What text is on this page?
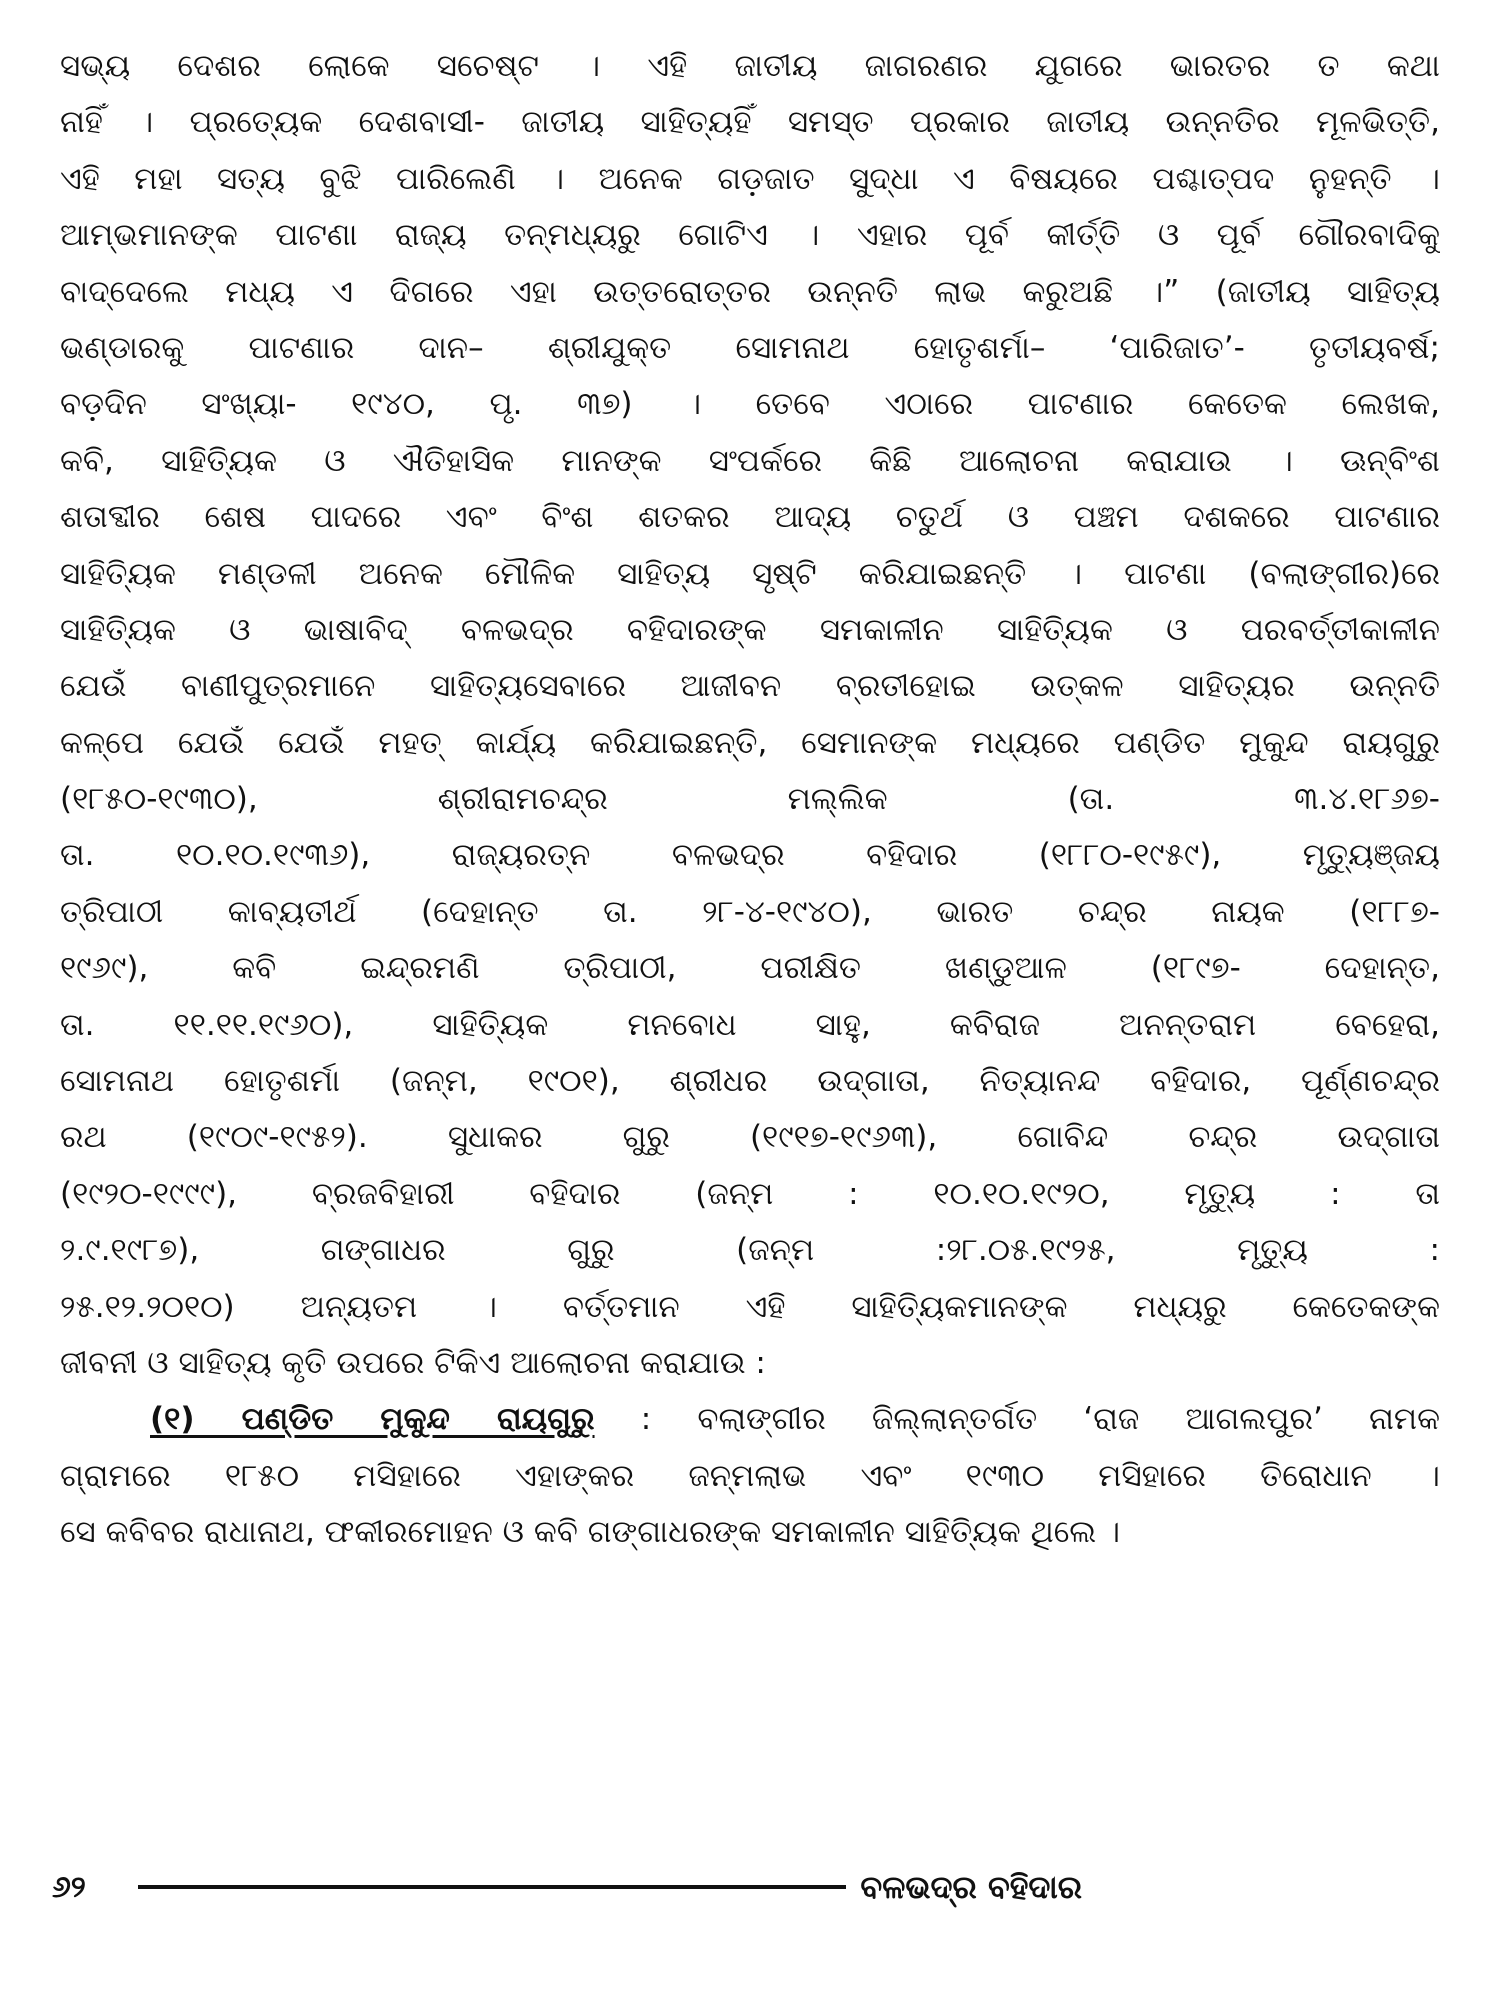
ସଭ୍ୟ ଦେଶର ଲୋକେ ସଚେଷ୍ଟ । ଏହି ଜାତୀୟ ଜାଗରଣର ଯୁଗରେ ଭାରତର ତ କଥା
ନାହିଁ । ପ୍ରତ୍ୟେକ ଦେଶବାସୀ- ଜାତୀୟ ସାହିତ୍ୟହିଁ ସମସ୍ତ ପ୍ରକାର ଜାତୀୟ ଉନ୍ନତିର ମୂଳଭିତ୍ତି,
ଏହି ମହା ସତ୍ୟ ବୁଝି ପାରିଲେଣି । ଅନେକ ଗଡ଼ଜାତ ସୁଦ୍ଧା ଏ ବିଷୟରେ ପଶ୍ଚାତ୍ପଦ ନୁହନ୍ତି ।
ଆମ୍ଭମାନଙ୍କ ପାଟଣା ରାଜ୍ୟ ତନ୍ମଧ୍ୟରୁ ଗୋଟିଏ । ଏହାର ପୂର୍ବ କୀର୍ତ୍ତି ଓ ପୂର୍ବ ଗୌରବାଦିକୁ
ବାଦ୍‌ଦେଲେ ମଧ୍ୟ ଏ ଦିଗରେ ଏହା ଉତ୍ତରୋତ୍ତର ଉନ୍ନତି ଲାଭ କରୁଅଛି ।” (ଜାତୀୟ ସାହିତ୍ୟ
ଭଣ୍ଡାରକୁ ପାଟଣାର ଦାନ– ଶ୍ରୀଯୁକ୍ତ ସୋମନାଥ ହୋତୃଶର୍ମା– ‘ପାରିଜାତ’- ତୃତୀୟବର୍ଷ;
ବଡ଼ଦିନ ସଂଖ୍ୟା- ୧୯୪୦, ପୃ. ୩୭) । ତେବେ ଏଠାରେ ପାଟଣାର କେତେକ ଲେଖକ,
କବି, ସାହିତ୍ୟିକ ଓ ଐତିହାସିକ ମାନଙ୍କ ସଂପର୍କରେ କିଛି ଆଲୋଚନା କରାଯାଉ । ଊନ୍ବିଂଶ
ଶତାବ୍ଦୀର ଶେଷ ପାଦରେ ଏବଂ ବିଂଶ ଶତକର ଆଦ୍ୟ ଚତୁର୍ଥ ଓ ପଞ୍ଚମ ଦଶକରେ ପାଟଣାର
ସାହିତ୍ୟିକ ମଣ୍ଡଳୀ ଅନେକ ମୌଳିକ ସାହିତ୍ୟ ସୃଷ୍ଟି କରିଯାଇଛନ୍ତି । ପାଟଣା (ବଲାଙ୍ଗୀର)ରେ
ସାହିତ୍ୟିକ ଓ ଭାଷାବିଦ୍ ବଳଭଦ୍ର ବହିଦାରଙ୍କ ସମକାଳୀନ ସାହିତ୍ୟିକ ଓ ପରବର୍ତ୍ତୀକାଳୀନ
ଯେଉଁ ବାଣୀପୁତ୍ରମାନେ ସାହିତ୍ୟସେବାରେ ଆଜୀବନ ବ୍ରତୀହୋଇ ଉତ୍କଳ ସାହିତ୍ୟର ଉନ୍ନତି
କଳ୍ପେ ଯେଉଁ ଯେଉଁ ମହତ୍ କାର୍ଯ୍ୟ କରିଯାଇଛନ୍ତି, ସେମାନଙ୍କ ମଧ୍ୟରେ ପଣ୍ଡିତ ମୁକୁନ୍ଦ ରାୟଗୁରୁ
(୧୮୫୦-୧୯୩୦), ଶ୍ରୀରାମଚନ୍ଦ୍ର ମଲ୍ଲିକ (ତା. ୩.୪.୧୮୬୭-
ତା. ୧୦.୧୦.୧୯୩୬), ରାଜ୍ୟରତ୍ନ ବଳଭଦ୍ର ବହିଦାର (୧୮୮୦-୧୯୫୯), ମୃତ୍ୟୁଞ୍ଜୟ
ତ୍ରିପାଠୀ କାବ୍ୟତୀର୍ଥ (ଦେହାନ୍ତ ତା. ୨୮-୪-୧୯୪୦), ଭାରତ ଚନ୍ଦ୍ର ନାୟକ (୧୮୮୭-
୧୯୬୯), କବି ଇନ୍ଦ୍ରମଣି ତ୍ରିପାଠୀ, ପରୀକ୍ଷିତ ଖଣ୍ଡୁଆଳ (୧୮୯୭- ଦେହାନ୍ତ,
ତା. ୧୧.୧୧.୧୯୬୦), ସାହିତ୍ୟିକ ମନବୋଧ ସାହୁ, କବିରାଜ ଅନନ୍ତରାମ ବେହେରା,
ସୋମନାଥ ହୋତୃଶର୍ମା (ଜନ୍ମ, ୧୯୦୧), ଶ୍ରୀଧର ଉଦ୍‌ଗାତା, ନିତ୍ୟାନନ୍ଦ ବହିଦାର, ପୂର୍ଣ୍ଣଚନ୍ଦ୍ର
ରଥ (୧୯୦୯-୧୯୫୨). ସୁଧାକର ଗୁରୁ (୧୯୧୭-୧୯୬୩), ଗୋବିନ୍ଦ ଚନ୍ଦ୍ର ଉଦ୍‌ଗାତା
(୧୯୨୦-୧୯୯୯), ବ୍ରଜବିହାରୀ ବହିଦାର (ଜନ୍ମ : ୧୦.୧୦.୧୯୨୦, ମୃତ୍ୟୁ : ତା
୨.୯.୧୯୮୭), ଗଙ୍ଗାଧର ଗୁରୁ (ଜନ୍ମ :୨୮.୦୫.୧୯୨୫, ମୃତ୍ୟୁ :
୨୫.୧୨.୨୦୧୦) ଅନ୍ୟତମ । ବର୍ତ୍ତମାନ ଏହି ସାହିତ୍ୟିକମାନଙ୍କ ମଧ୍ୟରୁ କେତେକଙ୍କ
ଜୀବନୀ ଓ ସାହିତ୍ୟ କୃତି ଉପରେ ଟିକିଏ ଆଲୋଚନା କରାଯାଉ :
(୧) ପଣ୍ଡିତ ମୁକୁନ୍ଦ ରାୟଗୁରୁ : ବଲାଙ୍ଗୀର ଜିଲ୍ଲାନ୍ତର୍ଗତ ‘ରାଜ ଆଗଲପୁର’ ନାମକ
ଗ୍ରାମରେ ୧୮୫୦ ମସିହାରେ ଏହାଙ୍କର ଜନ୍ମଲାଭ ଏବଂ ୧୯୩୦ ମସିହାରେ ତିରୋଧାନ ।
ସେ କବିବର ରାଧାନାଥ, ଫକୀରମୋହନ ଓ କବି ଗଙ୍ଗାଧରଙ୍କ ସମକାଳୀନ ସାହିତ୍ୟିକ ଥିଲେ ।
୬୨	ବଳଭଦ୍ର ବହିଦାର
